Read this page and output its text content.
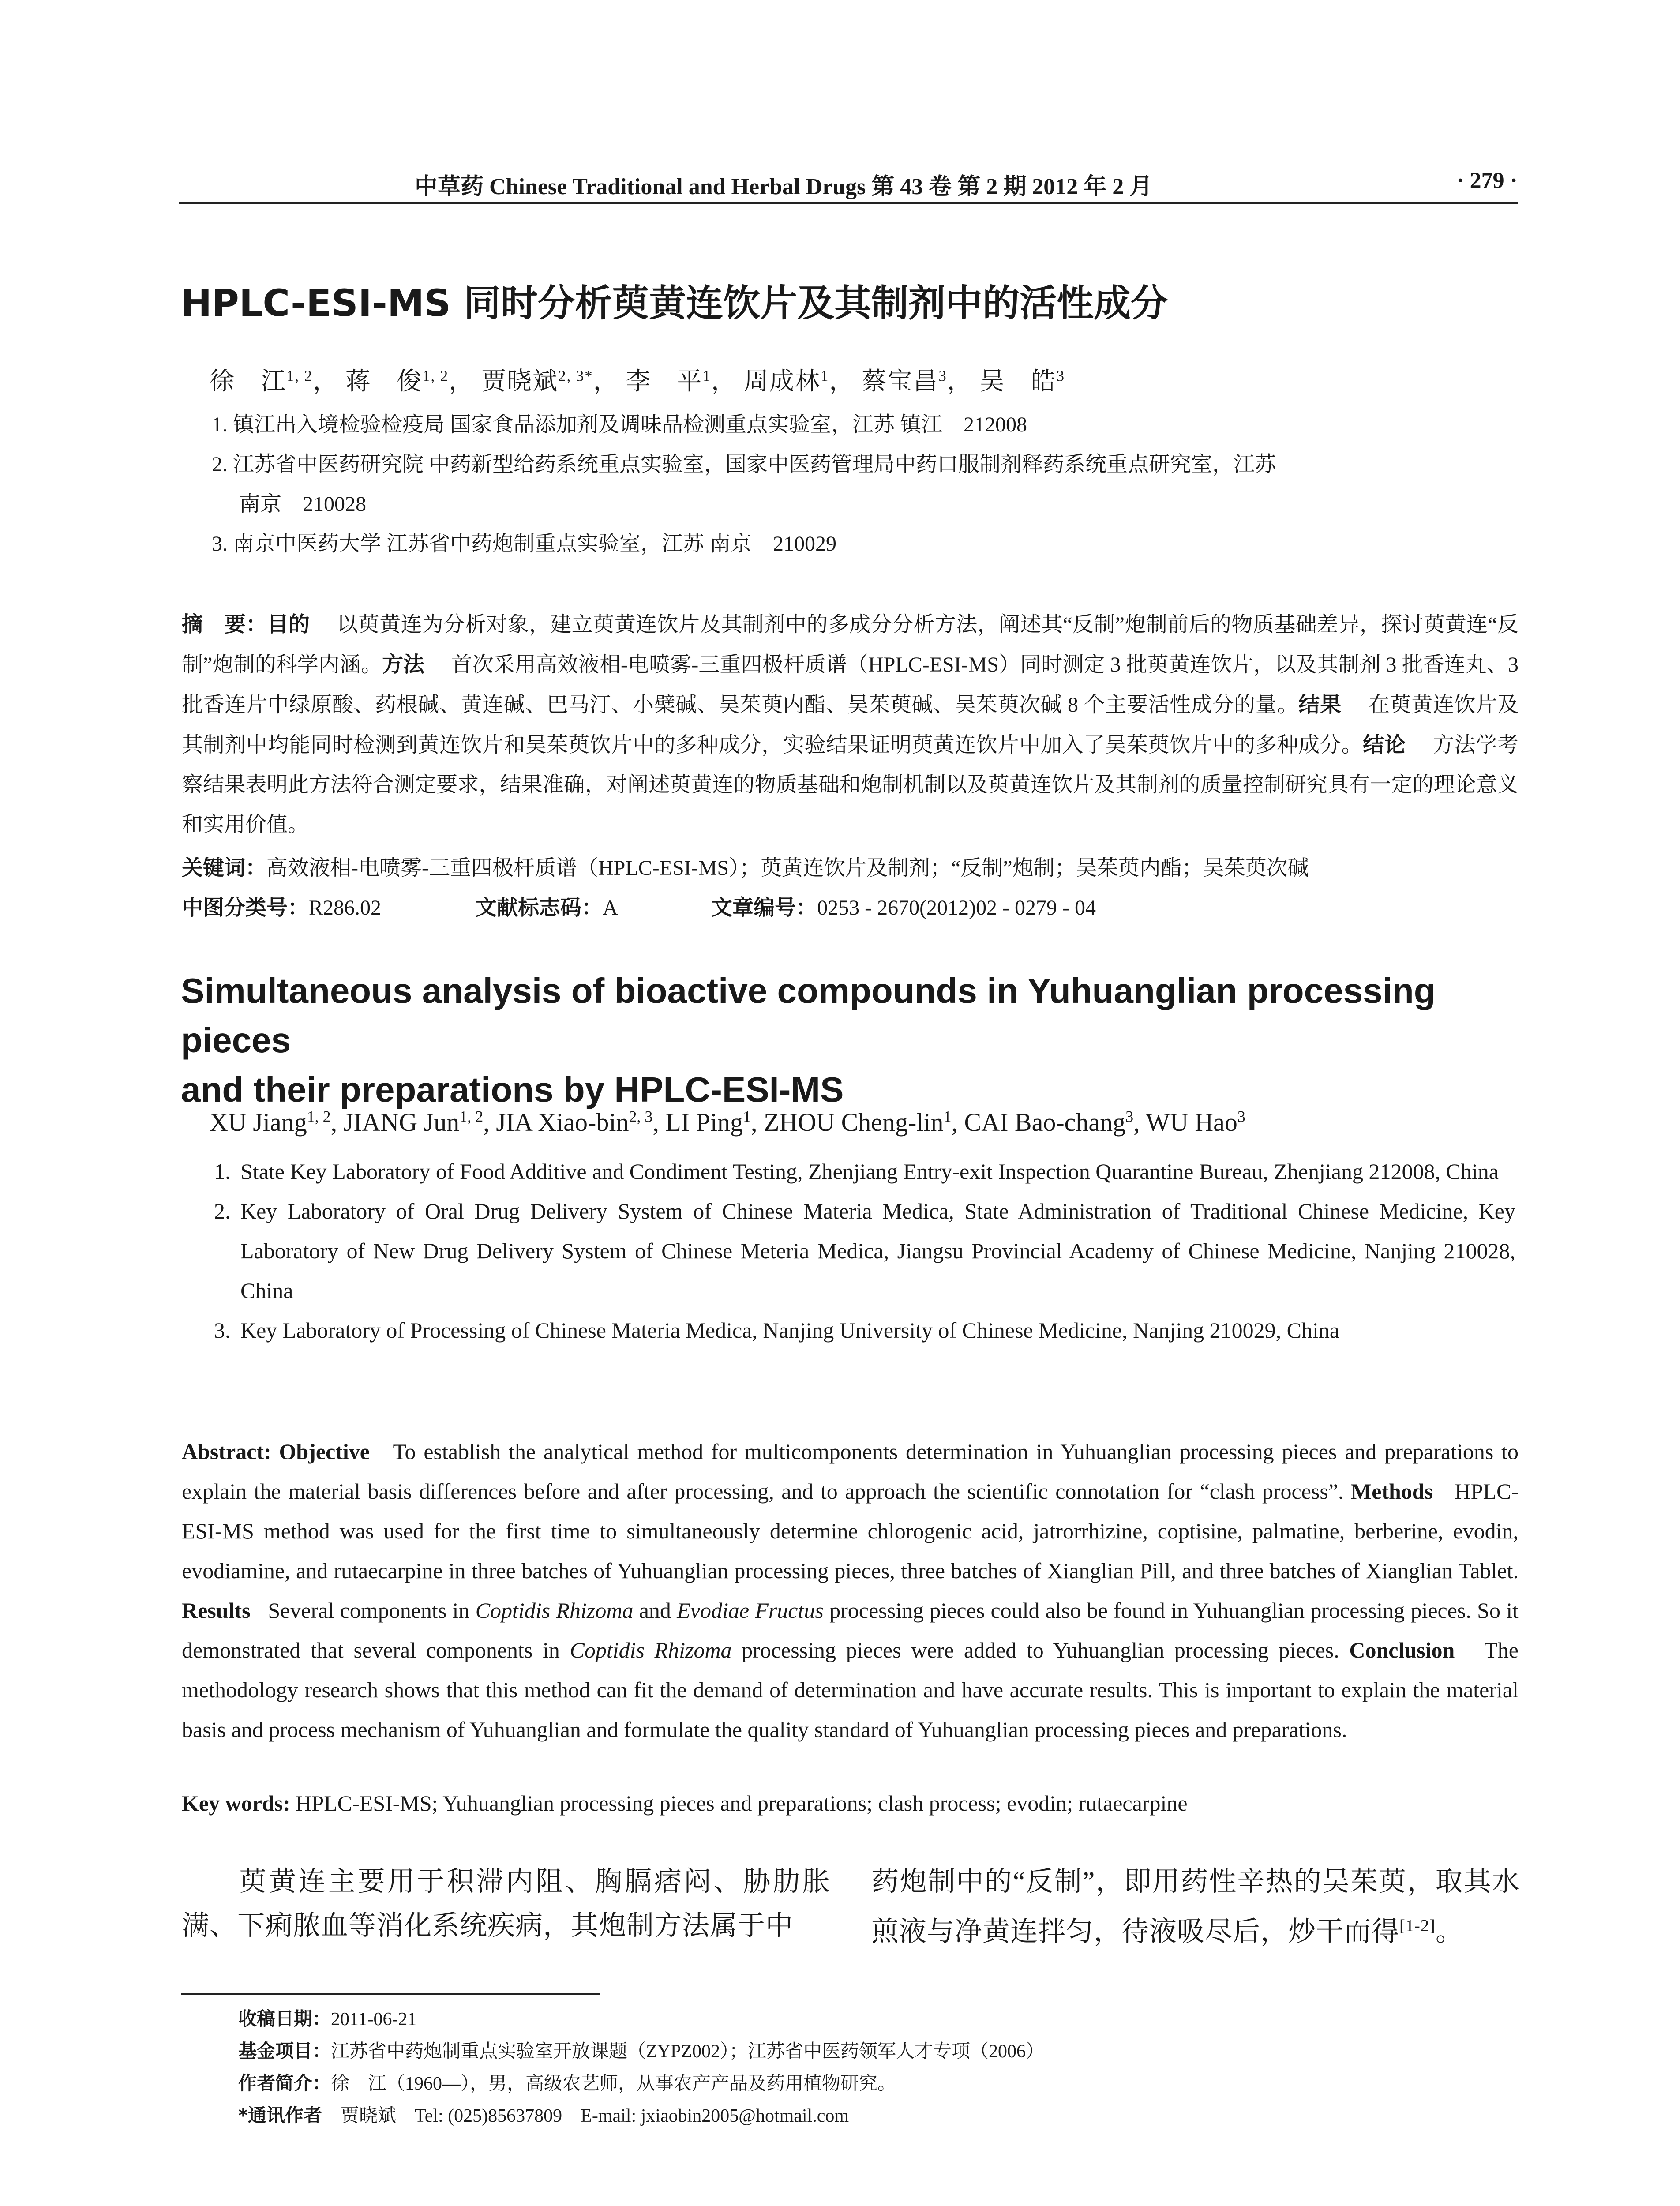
中草药 Chinese Traditional and Herbal Drugs 第 43 卷 第 2 期 2012 年 2 月	· 279 ·
HPLC-ESI-MS 同时分析萸黄连饮片及其制剂中的活性成分
徐　江$^{1, 2}$， 蒋　俊$^{1, 2}$， 贾晓斌$^{2, 3*}$， 李　平$^1$， 周成林$^1$， 蔡宝昌$^3$， 吴　皓$^3$
1. 镇江出入境检验检疫局 国家食品添加剂及调味品检测重点实验室，江苏 镇江　212008
2. 江苏省中医药研究院 中药新型给药系统重点实验室，国家中医药管理局中药口服制剂释药系统重点研究室，江苏
南京　210028
3. 南京中医药大学 江苏省中药炮制重点实验室，江苏 南京　210029
摘　要：目的　 以萸黄连为分析对象，建立萸黄连饮片及其制剂中的多成分分析方法，阐述其“反制”炮制前后的物质基础差异，探讨萸黄连“反制”炮制的科学内涵。方法　 首次采用高效液相-电喷雾-三重四极杆质谱（HPLC-ESI-MS）同时测定 3 批萸黄连饮片，以及其制剂 3 批香连丸、3 批香连片中绿原酸、药根碱、黄连碱、巴马汀、小檗碱、吴茱萸内酯、吴茱萸碱、吴茱萸次碱 8 个主要活性成分的量。结果　 在萸黄连饮片及其制剂中均能同时检测到黄连饮片和吴茱萸饮片中的多种成分，实验结果证明萸黄连饮片中加入了吴茱萸饮片中的多种成分。结论　 方法学考察结果表明此方法符合测定要求，结果准确，对阐述萸黄连的物质基础和炮制机制以及萸黄连饮片及其制剂的质量控制研究具有一定的理论意义和实用价值。
关键词：高效液相-电喷雾-三重四极杆质谱（HPLC-ESI-MS）；萸黄连饮片及制剂；“反制”炮制；吴茱萸内酯；吴茱萸次碱
中图分类号：R286.02	文献标志码：A	文章编号：0253 - 2670(2012)02 - 0279 - 04
Simultaneous analysis of bioactive compounds in Yuhuanglian processing pieces
and their preparations by HPLC-ESI-MS
XU Jiang$^{1, 2}$, JIANG Jun$^{1, 2}$, JIA Xiao-bin$^{2, 3}$, LI Ping$^1$, ZHOU Cheng-lin$^1$, CAI Bao-chang$^3$, WU Hao$^3$
1. State Key Laboratory of Food Additive and Condiment Testing, Zhenjiang Entry-exit Inspection Quarantine Bureau, Zhenjiang 212008, China
2. Key Laboratory of Oral Drug Delivery System of Chinese Materia Medica, State Administration of Traditional Chinese Medicine, Key Laboratory of New Drug Delivery System of Chinese Meteria Medica, Jiangsu Provincial Academy of Chinese Medicine, Nanjing 210028, China
3. Key Laboratory of Processing of Chinese Materia Medica, Nanjing University of Chinese Medicine, Nanjing 210029, China
Abstract: Objective To establish the analytical method for multicomponents determination in Yuhuanglian processing pieces and preparations to explain the material basis differences before and after processing, and to approach the scientific connotation for “clash process”. Methods HPLC-ESI-MS method was used for the first time to simultaneously determine chlorogenic acid, jatrorrhizine, coptisine, palmatine, berberine, evodin, evodiamine, and rutaecarpine in three batches of Yuhuanglian processing pieces, three batches of Xianglian Pill, and three batches of Xianglian Tablet. Results Several components in Coptidis Rhizoma and Evodiae Fructus processing pieces could also be found in Yuhuanglian processing pieces. So it demonstrated that several components in Coptidis Rhizoma processing pieces were added to Yuhuanglian processing pieces. Conclusion The methodology research shows that this method can fit the demand of determination and have accurate results. This is important to explain the material basis and process mechanism of Yuhuanglian and formulate the quality standard of Yuhuanglian processing pieces and preparations.
Key words: HPLC-ESI-MS; Yuhuanglian processing pieces and preparations; clash process; evodin; rutaecarpine
萸黄连主要用于积滞内阻、胸膈痞闷、胁肋胀满、下痢脓血等消化系统疾病，其炮制方法属于中
药炮制中的“反制”，即用药性辛热的吴茱萸，取其水煎液与净黄连拌匀，待液吸尽后，炒干而得[1-2]。
收稿日期：2011-06-21
基金项目：江苏省中药炮制重点实验室开放课题（ZYPZ002）；江苏省中医药领军人才专项（2006）
作者简介：徐　江（1960—），男，高级农艺师，从事农产产品及药用植物研究。
*通讯作者　 贾晓斌　Tel: (025)85637809　E-mail: jxiaobin2005@hotmail.com
